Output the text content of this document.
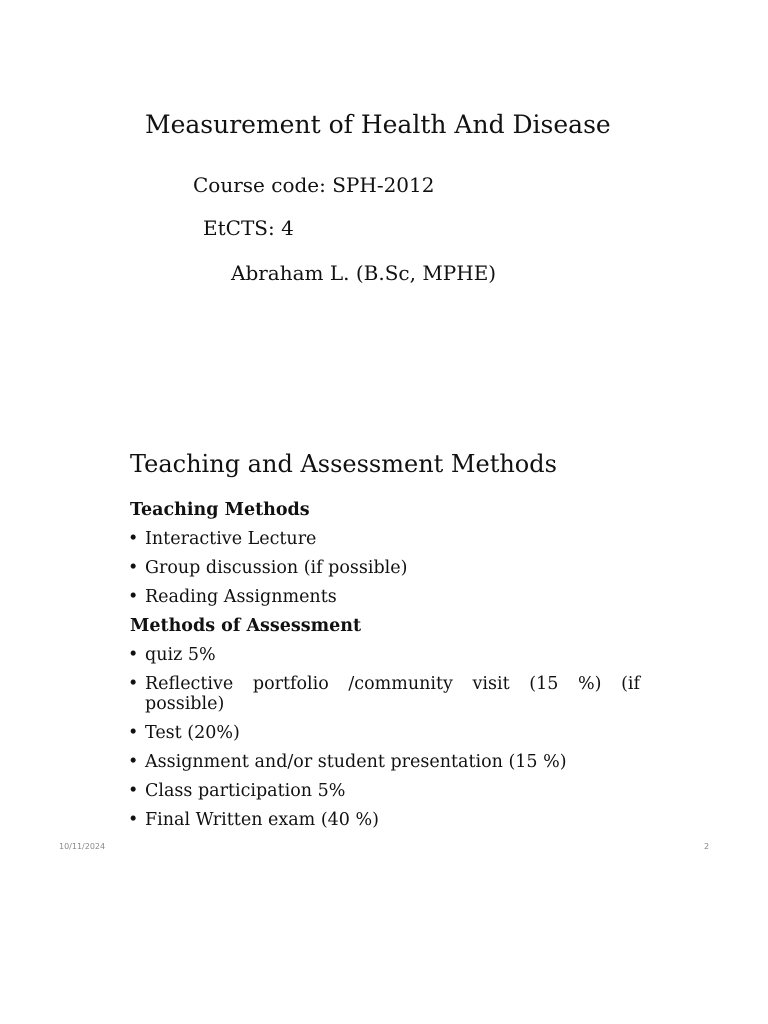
Measurement of Health And Disease
Course code: SPH-2012
EtCTS: 4
Abraham L. (B.Sc, MPHE)
Teaching and Assessment Methods
Teaching Methods
• Interactive Lecture
• Group discussion (if possible)
• Reading Assignments
Methods of Assessment
• quiz 5%
• Reflective portfolio /community visit (15 %) (if possible)
• Test (20%)
• Assignment and/or student presentation (15 %)
• Class participation 5%
• Final Written exam (40 %)
10/11/2024	2
